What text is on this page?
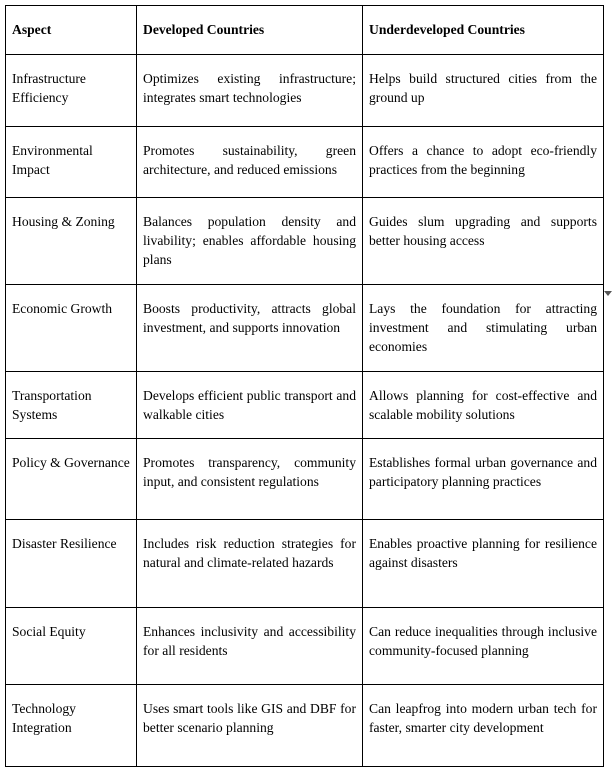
Aspect	Developed Countries	Underdeveloped Countries
Infrastructure Efficiency	Optimizes existing infrastructure; integrates smart technologies	Helps build structured cities from the ground up
Environmental Impact	Promotes sustainability, green architecture, and reduced emissions	Offers a chance to adopt eco-friendly practices from the beginning
Housing & Zoning	Balances population density and livability; enables affordable housing plans	Guides slum upgrading and supports better housing access
Economic Growth	Boosts productivity, attracts global investment, and supports innovation	Lays the foundation for attracting investment and stimulating urban economies
Transportation Systems	Develops efficient public transport and walkable cities	Allows planning for cost-effective and scalable mobility solutions
Policy & Governance	Promotes transparency, community input, and consistent regulations	Establishes formal urban governance and participatory planning practices
Disaster Resilience	Includes risk reduction strategies for natural and climate-related hazards	Enables proactive planning for resilience against disasters
Social Equity	Enhances inclusivity and accessibility for all residents	Can reduce inequalities through inclusive community-focused planning
Technology Integration	Uses smart tools like GIS and DBF for better scenario planning	Can leapfrog into modern urban tech for faster, smarter city development
